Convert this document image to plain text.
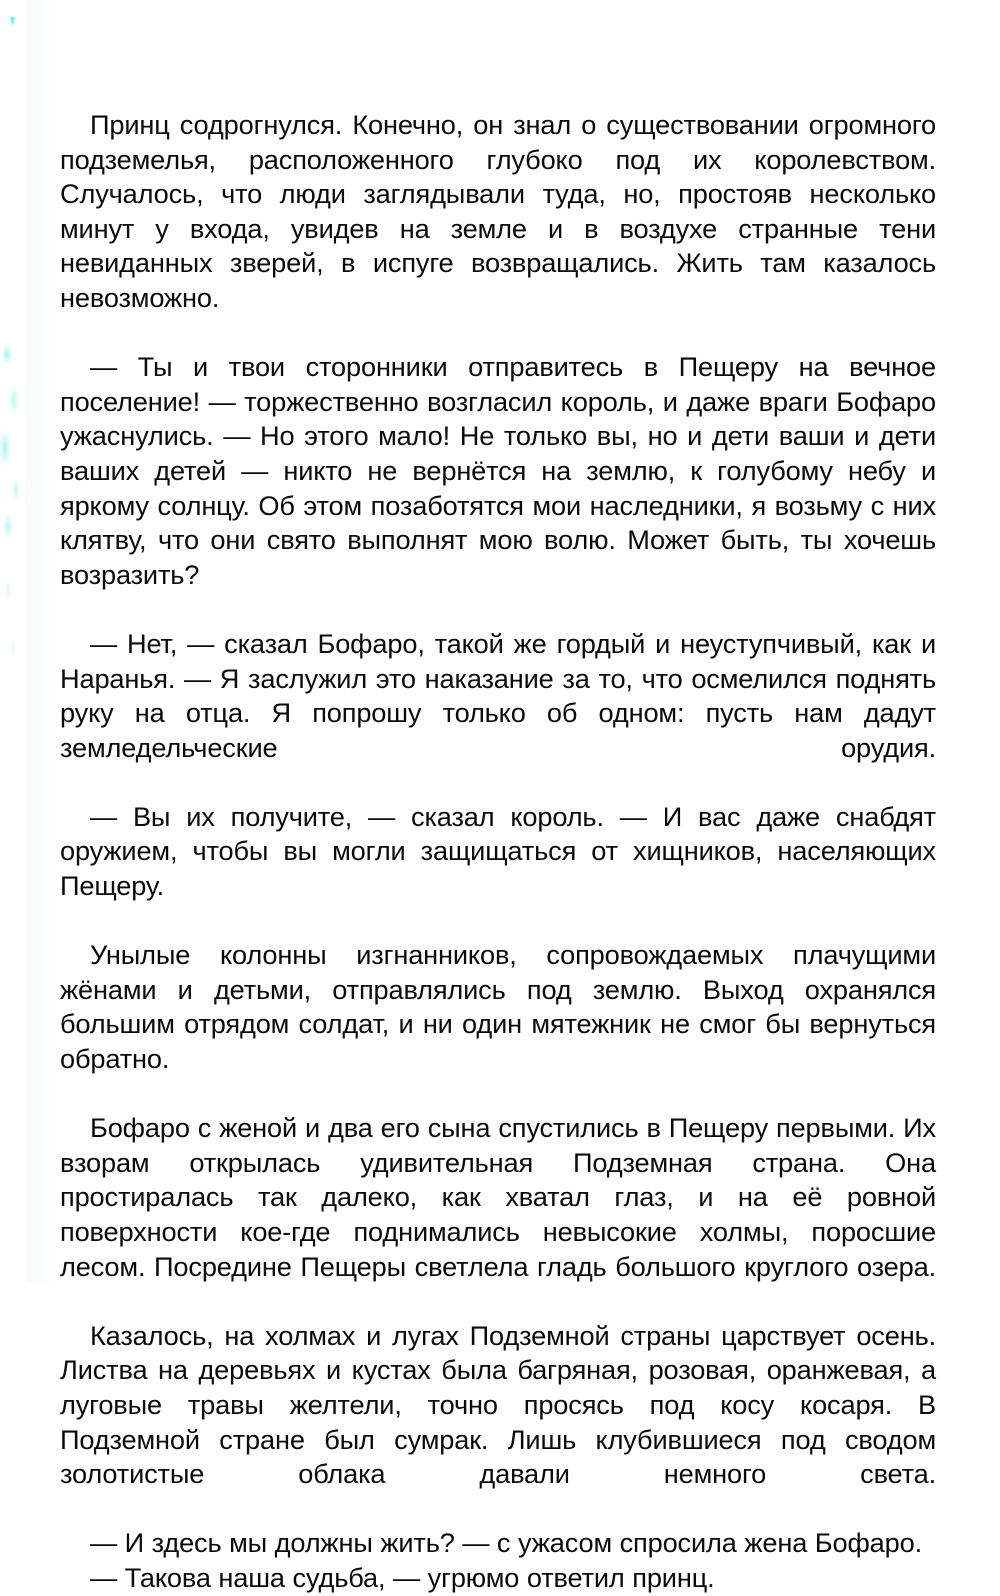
Принц содрогнулся. Конечно, он знал о существовании огромного подземелья, расположенного глубоко под их королевством. Случалось, что люди заглядывали туда, но, простояв несколько минут у входа, увидев на земле и в воздухе странные тени невиданных зверей, в испуге возвращались. Жить там казалось невозможно.

— Ты и твои сторонники отправитесь в Пещеру на вечное поселение! — торжественно возгласил король, и даже враги Бофаро ужаснулись. — Но этого мало! Не только вы, но и дети ваши и дети ваших детей — никто не вернётся на землю, к голубому небу и яркому солнцу. Об этом позаботятся мои наследники, я возьму с них клятву, что они свято выполнят мою волю. Может быть, ты хочешь возразить?

— Нет, — сказал Бофаро, такой же гордый и неуступчивый, как и Наранья. — Я заслужил это наказание за то, что осмелился поднять руку на отца. Я попрошу только об одном: пусть нам дадут земледельческие орудия.

— Вы их получите, — сказал король. — И вас даже снабдят оружием, чтобы вы могли защищаться от хищников, населяющих Пещеру.

Унылые колонны изгнанников, сопровождаемых плачущими жёнами и детьми, отправлялись под землю. Выход охранялся большим отрядом солдат, и ни один мятежник не смог бы вернуться обратно.

Бофаро с женой и два его сына спустились в Пещеру первыми. Их взорам открылась удивительная Подземная страна. Она простиралась так далеко, как хватал глаз, и на её ровной поверхности кое-где поднимались невысокие холмы, поросшие лесом. Посредине Пещеры светлела гладь большого круглого озера.

Казалось, на холмах и лугах Подземной страны царствует осень. Листва на деревьях и кустах была багряная, розовая, оранжевая, а луговые травы желтели, точно просясь под косу косаря. В Подземной стране был сумрак. Лишь клубившиеся под сводом золотистые облака давали немного света.

— И здесь мы должны жить? — с ужасом спросила жена Бофаро.

— Такова наша судьба, — угрюмо ответил принц.
